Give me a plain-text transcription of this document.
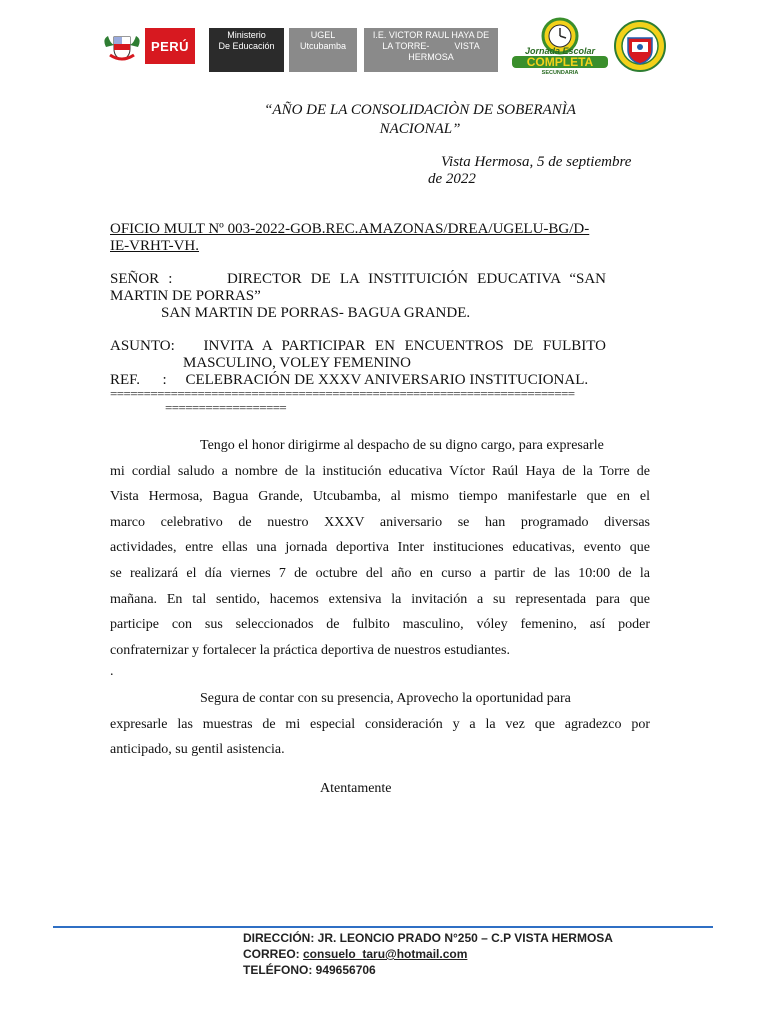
PERÚ
Ministerio
De Educación
UGEL
Utcubamba
I.E. VICTOR RAUL HAYA DE
LA TORRE-          VISTA
HERMOSA
Jornada Escolar
COMPLETA
SECUNDARIA
“AÑO DE LA CONSOLIDACIÒN DE SOBERANÌA
NACIONAL”
Vista Hermosa, 5 de septiembre
de 2022
OFICIO MULT Nº 003-2022-GOB.REC.AMAZONAS/DREA/UGELU-BG/D-
IE-VRHT-VH.
SEÑOR :      DIRECTOR DE LA INSTITUICIÓN EDUCATIVA “SAN
MARTIN DE PORRAS”
SAN MARTIN DE PORRAS- BAGUA GRANDE.
ASUNTO:   INVITA A PARTICIPAR EN ENCUENTROS DE FULBITO
MASCULINO, VOLEY FEMENINO
REF.      :     CELEBRACIÓN DE XXXV ANIVERSARIO INSTITUCIONAL.
=====================================================================
==================
Tengo el honor dirigirme al despacho de su digno cargo, para expresarle
mi cordial saludo a nombre de la institución educativa Víctor Raúl Haya de la Torre de
Vista Hermosa, Bagua Grande, Utcubamba, al mismo tiempo manifestarle que en el
marco celebrativo de nuestro XXXV aniversario se han programado diversas
actividades, entre ellas una jornada deportiva Inter instituciones educativas, evento que
se realizará el día viernes 7 de octubre del año en curso a partir de las 10:00 de la
mañana. En tal sentido, hacemos extensiva la invitación a su representada para que
participe con sus seleccionados de fulbito masculino, vóley femenino, así poder
confraternizar y fortalecer la práctica deportiva de nuestros estudiantes.
.
Segura de contar con su presencia, Aprovecho la oportunidad para
expresarle las muestras de mi especial consideración y a la vez que agradezco por
anticipado, su gentil asistencia.
Atentamente
DIRECCIÓN: JR. LEONCIO PRADO N°250 – C.P VISTA HERMOSA
CORREO: consuelo_taru@hotmail.com
TELÉFONO: 949656706
